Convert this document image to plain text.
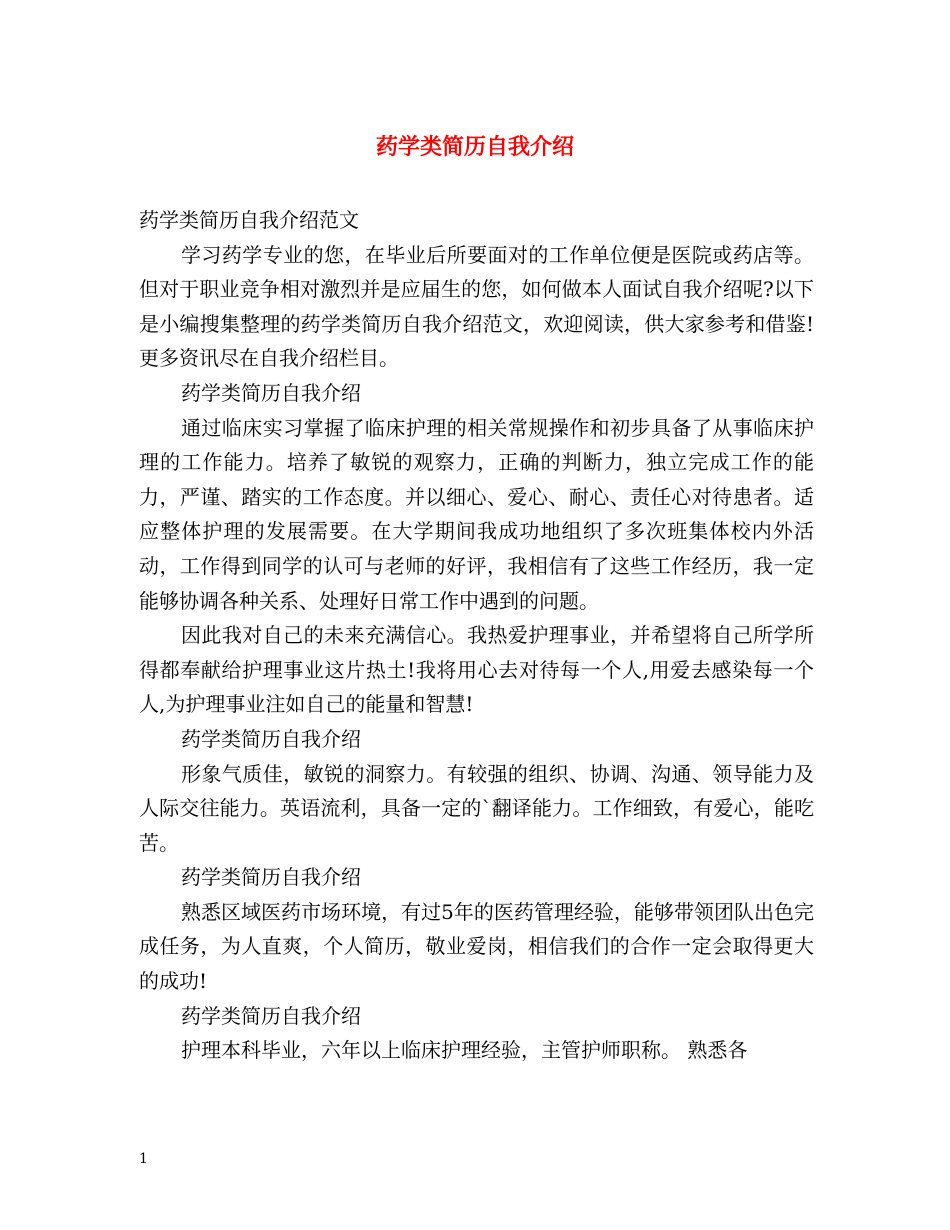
药学类简历自我介绍

药学类简历自我介绍范文

学习药学专业的您，在毕业后所要面对的工作单位便是医院或药店等。但对于职业竞争相对激烈并是应届生的您，如何做本人面试自我介绍呢?以下是小编搜集整理的药学类简历自我介绍范文，欢迎阅读，供大家参考和借鉴!更多资讯尽在自我介绍栏目。

药学类简历自我介绍

通过临床实习掌握了临床护理的相关常规操作和初步具备了从事临床护理的工作能力。培养了敏锐的观察力，正确的判断力，独立完成工作的能力，严谨、踏实的工作态度。并以细心、爱心、耐心、责任心对待患者。适应整体护理的发展需要。在大学期间我成功地组织了多次班集体校内外活动，工作得到同学的认可与老师的好评，我相信有了这些工作经历，我一定能够协调各种关系、处理好日常工作中遇到的问题。

因此我对自己的未来充满信心。我热爱护理事业，并希望将自己所学所得都奉献给护理事业这片热土!我将用心去对待每一个人,用爱去感染每一个人,为护理事业注如自己的能量和智慧!

药学类简历自我介绍

形象气质佳，敏锐的洞察力。有较强的组织、协调、沟通、领导能力及人际交往能力。英语流利，具备一定的`翻译能力。工作细致，有爱心，能吃苦。

药学类简历自我介绍

熟悉区域医药市场环境，有过5年的医药管理经验，能够带领团队出色完成任务，为人直爽，个人简历，敬业爱岗，相信我们的合作一定会取得更大的成功!

药学类简历自我介绍

护理本科毕业，六年以上临床护理经验，主管护师职称。 熟悉各

1
